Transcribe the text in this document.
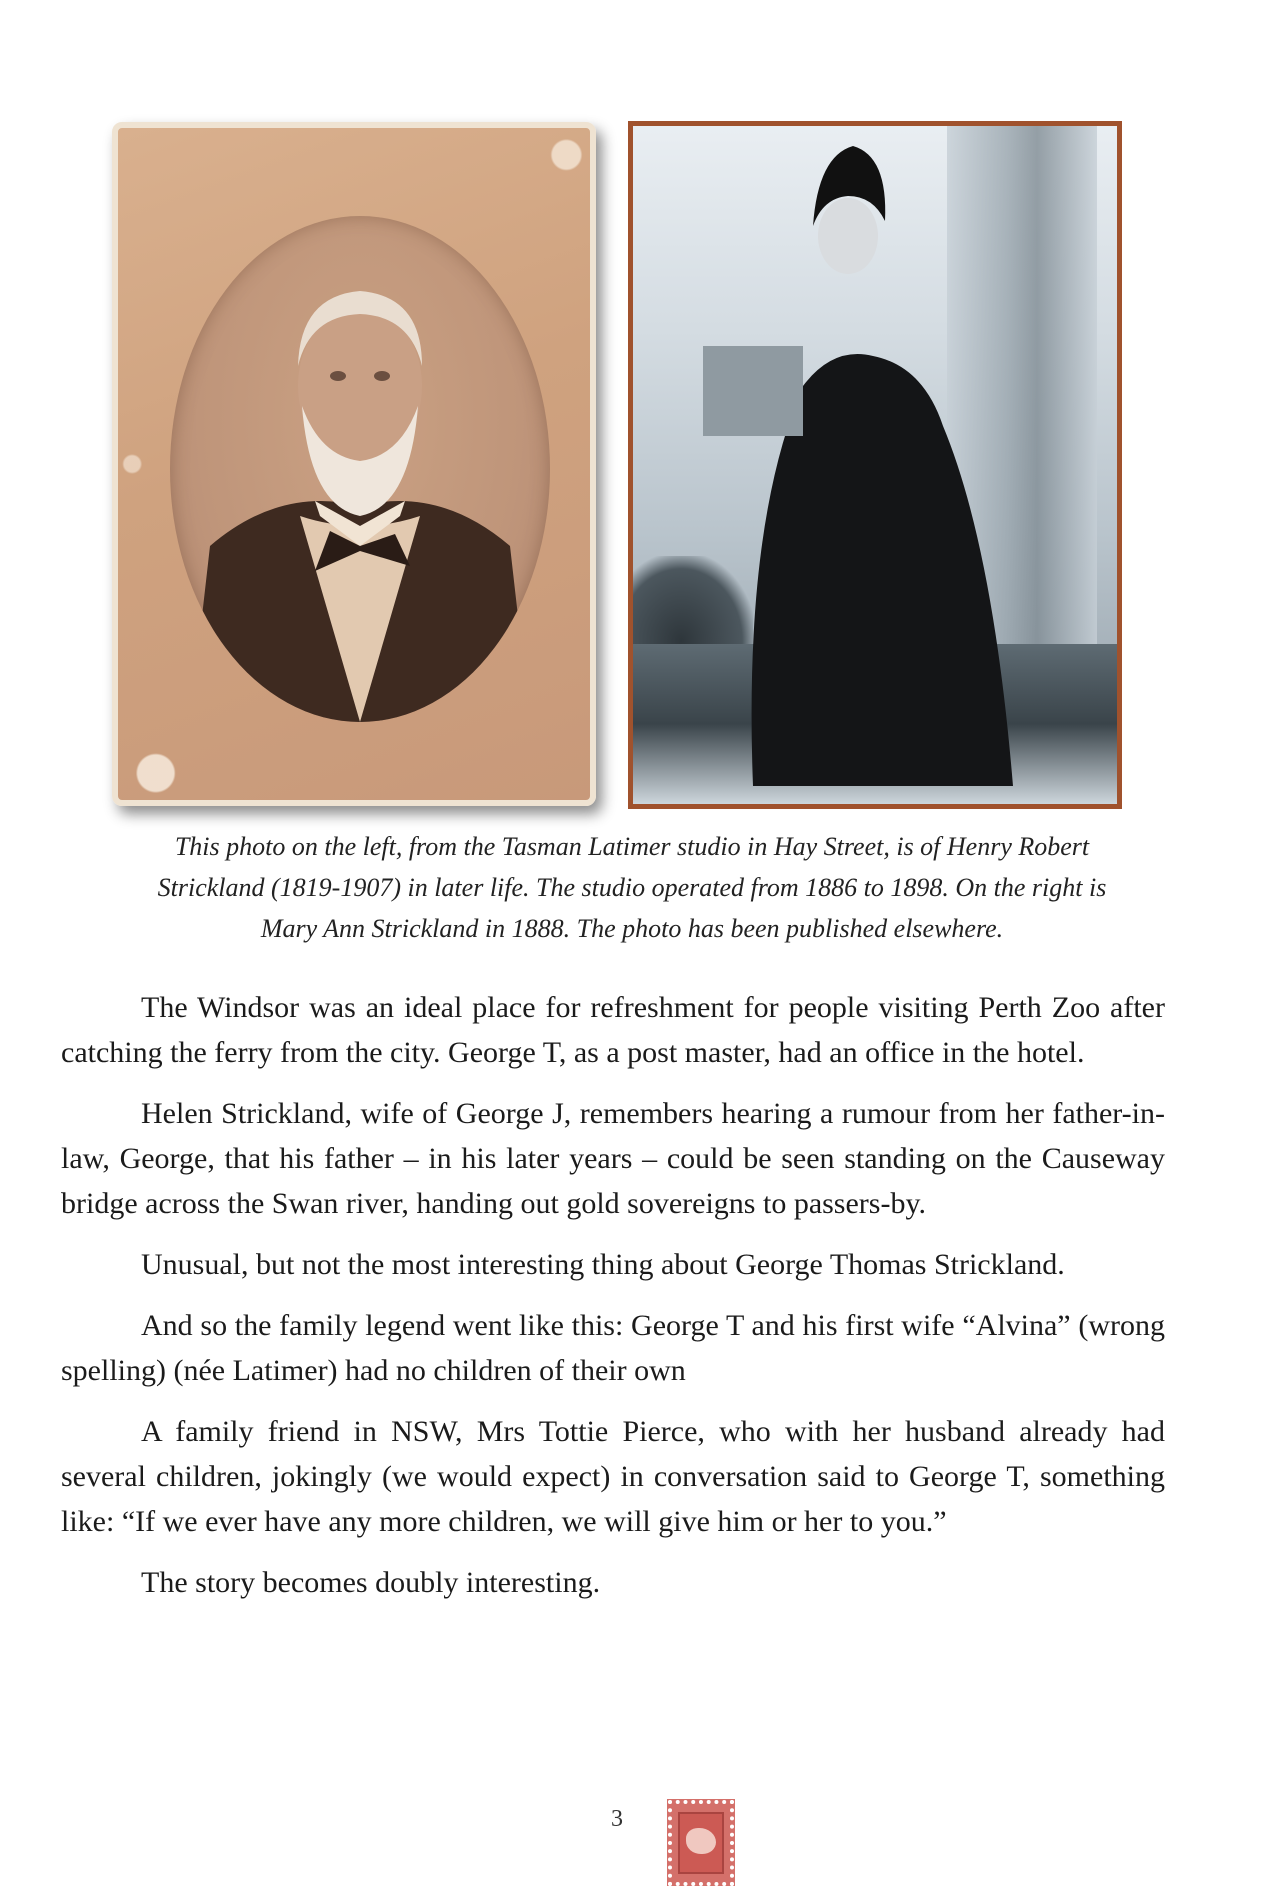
This photo on the left, from the Tasman Latimer studio in Hay Street, is of Henry Robert
Strickland (1819-1907) in later life. The studio operated from 1886 to 1898. On the right is
Mary Ann Strickland in 1888. The photo has been published elsewhere.

The Windsor was an ideal place for refreshment for people visiting Perth Zoo after catching the ferry from the city. George T, as a post master, had an office in the hotel.

Helen Strickland, wife of George J, remembers hearing a rumour from her father-in-law, George, that his father – in his later years – could be seen standing on the Causeway bridge across the Swan river, handing out gold sovereigns to passers-by.

Unusual, but not the most interesting thing about George Thomas Strickland.

And so the family legend went like this: George T and his first wife “Alvina” (wrong spelling) (née Latimer) had no children of their own

A family friend in NSW, Mrs Tottie Pierce, who with her husband already had several children, jokingly (we would expect) in conversation said to George T, something like: “If we ever have any more children, we will give him or her to you.”

The story becomes doubly interesting.

3
